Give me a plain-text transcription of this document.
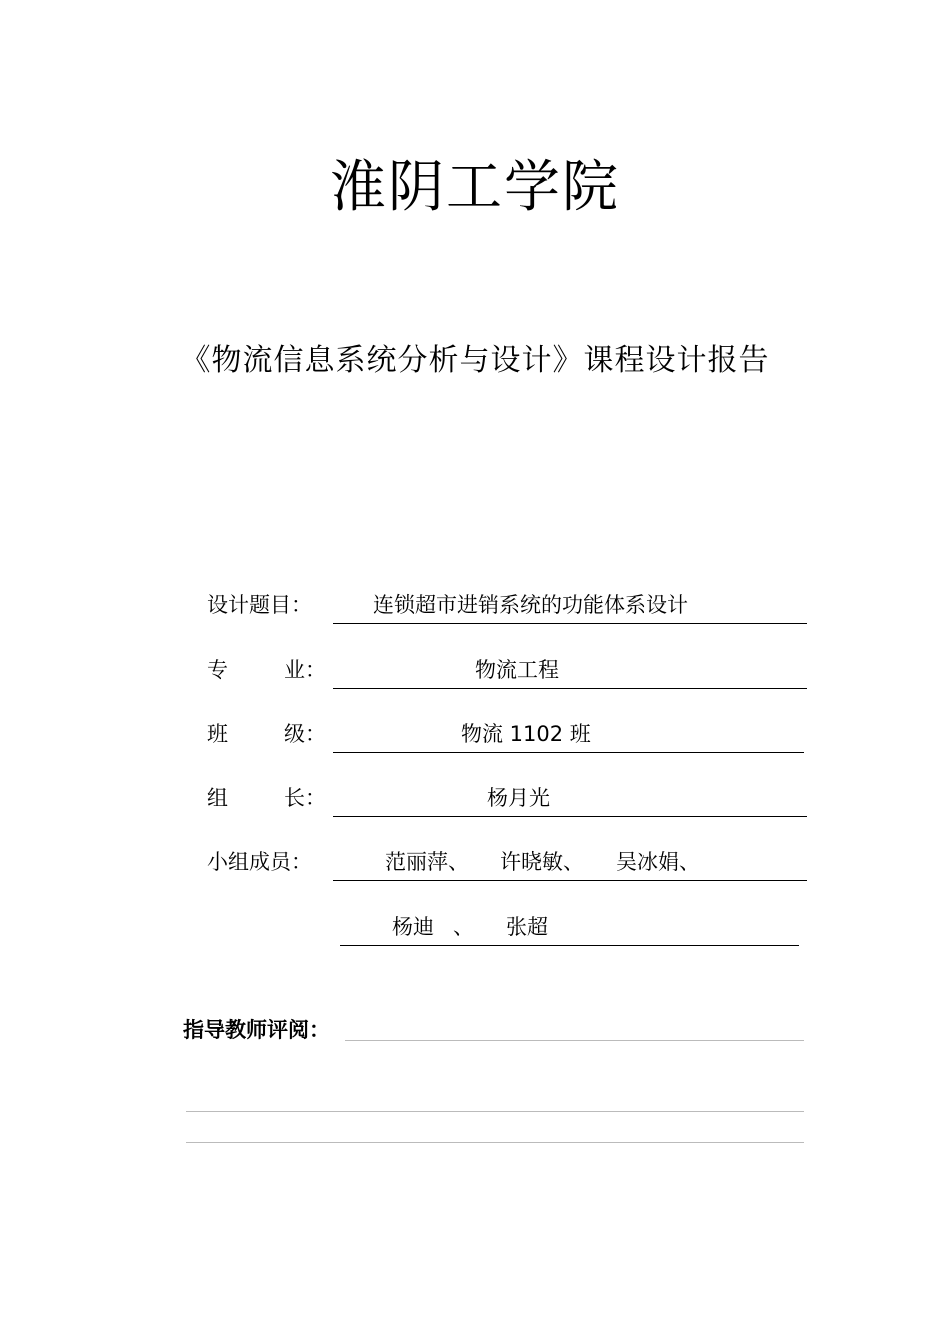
淮阴工学院
《物流信息系统分析与设计》课程设计报告
设计题目：	连锁超市进销系统的功能体系设计
专	业：	物流工程
班	级：	物流 1102 班
组	长：	杨月光
小组成员：	范丽萍、 许晓敏、 吴冰娟、
杨迪 、 张超
指导教师评阅：
